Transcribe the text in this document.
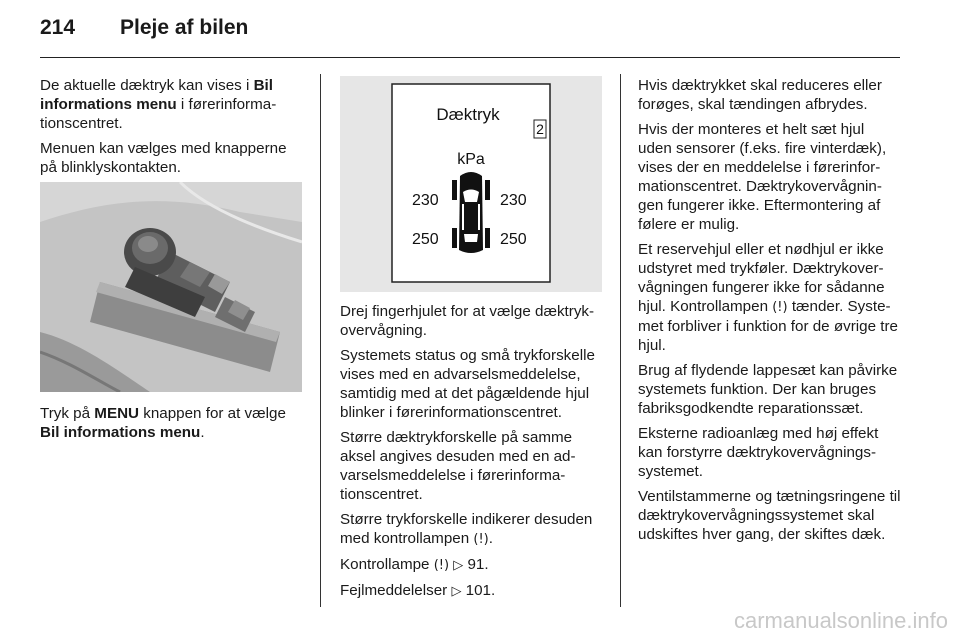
214	Pleje af bilen

De aktuelle dæktryk kan vises i Bil informations menu i førerinformationscentret.

Menuen kan vælges med knapperne på blinklyskontakten.

Tryk på MENU knappen for at vælge Bil informations menu.
Dæktryk
2
kPa
230	230
250	250

Drej fingerhjulet for at vælge dæktrykovervågning.

Systemets status og små trykforskelle vises med en advarselsmeddelelse, samtidig med at det pågældende hjul blinker i førerinformationscentret.

Større dæktrykforskelle på samme aksel angives desuden med en advarselsmeddelelse i førerinformationscentret.

Større trykforskelle indikerer desuden med kontrollampen (!).

Kontrollampe (!) ▷ 91.

Fejlmeddelelser ▷ 101.

Hvis dæktrykket skal reduceres eller forøges, skal tændingen afbrydes.

Hvis der monteres et helt sæt hjul uden sensorer (f.eks. fire vinterdæk), vises der en meddelelse i førerinformationscentret. Dæktrykovervågningen fungerer ikke. Eftermontering af følere er mulig.

Et reservehjul eller et nødhjul er ikke udstyret med trykføler. Dæktrykovervågningen fungerer ikke for sådanne hjul. Kontrollampen (!) tænder. Systemet forbliver i funktion for de øvrige tre hjul.

Brug af flydende lappesæt kan påvirke systemets funktion. Der kan bruges fabriksgodkendte reparationssæt.

Eksterne radioanlæg med høj effekt kan forstyrre dæktrykovervågningssystemet.

Ventilstammerne og tætningsringene til dæktrykovervågningssystemet skal udskiftes hver gang, der skiftes dæk.

carmanualsonline.info
